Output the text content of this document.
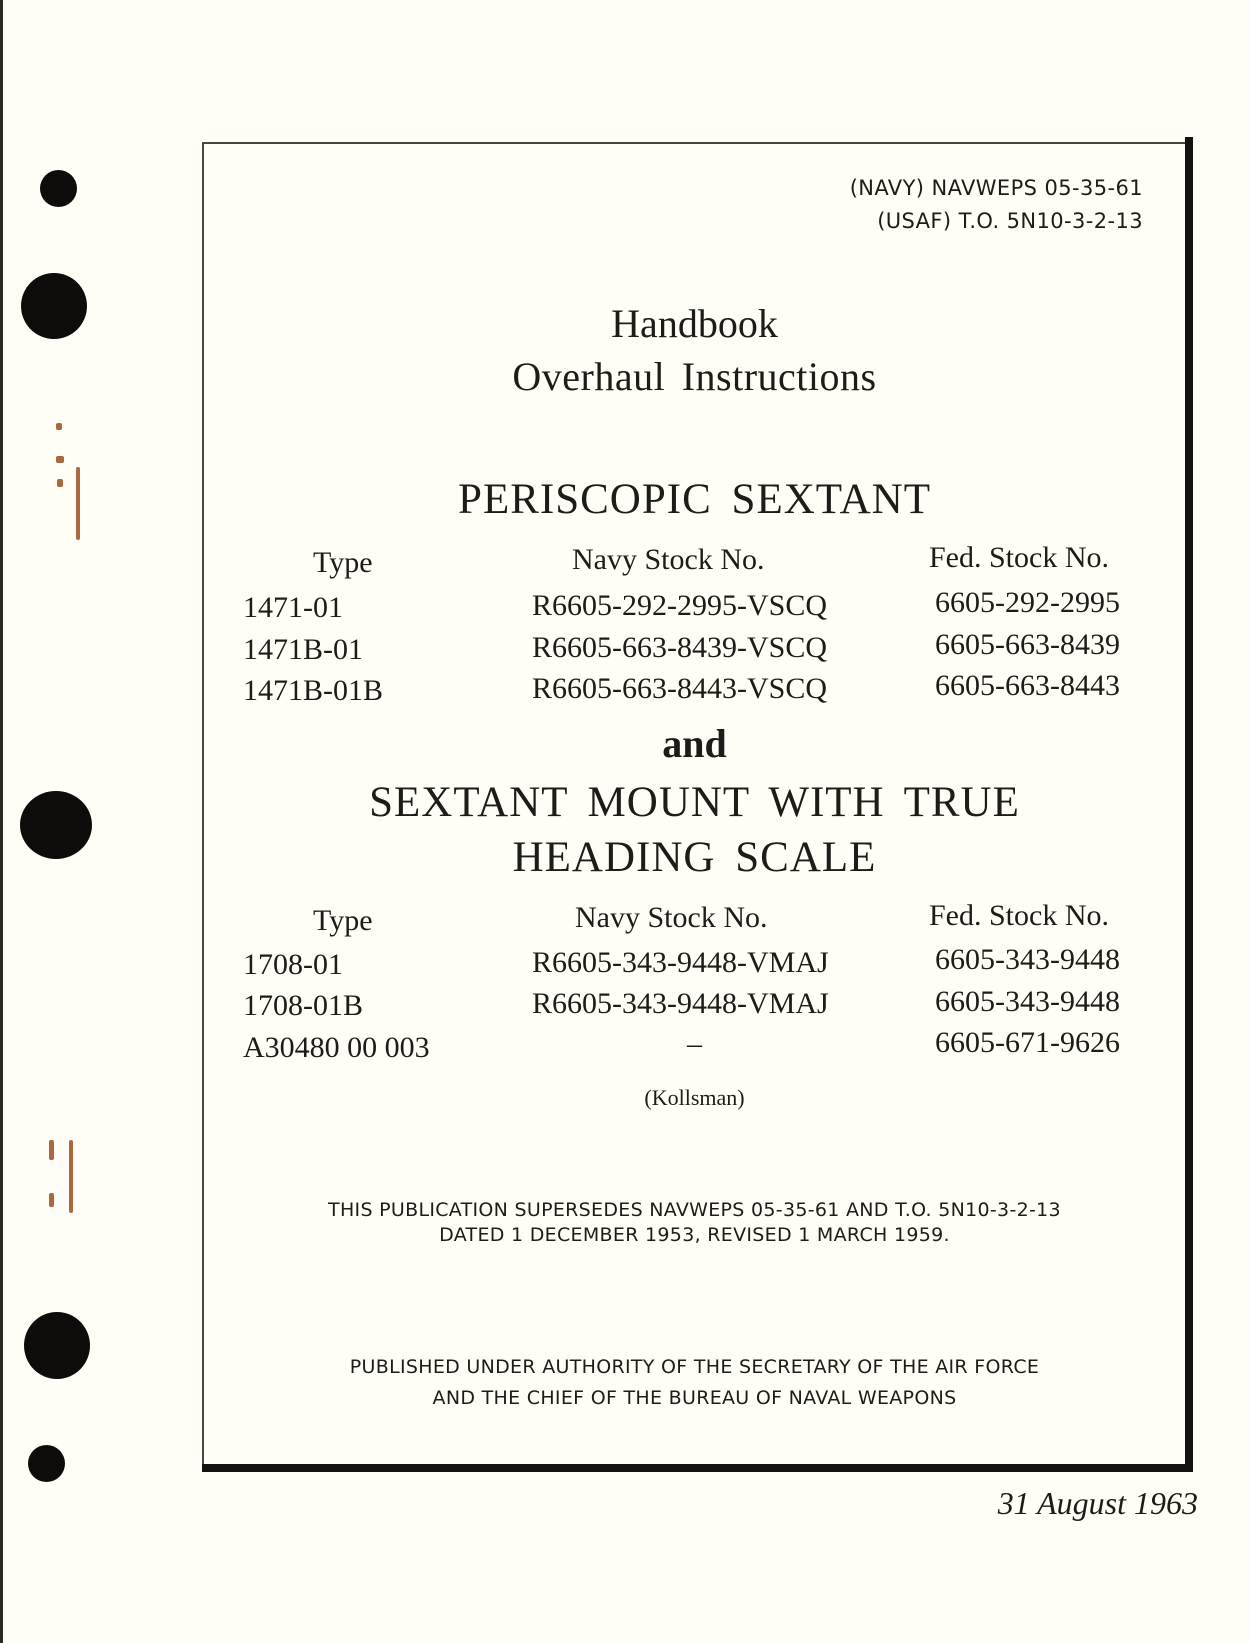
(NAVY) NAVWEPS 05-35-61
(USAF) T.O. 5N10-3-2-13
Handbook
Overhaul Instructions
PERISCOPIC SEXTANT
Type	Navy Stock No.	Fed. Stock No.
1471-01	R6605-292-2995-VSCQ	6605-292-2995
1471B-01	R6605-663-8439-VSCQ	6605-663-8439
1471B-01B	R6605-663-8443-VSCQ	6605-663-8443
and
SEXTANT MOUNT WITH TRUE
HEADING SCALE
Type	Navy Stock No.	Fed. Stock No.
1708-01	R6605-343-9448-VMAJ	6605-343-9448
1708-01B	R6605-343-9448-VMAJ	6605-343-9448
A30480 00 003	–	6605-671-9626
(Kollsman)
THIS PUBLICATION SUPERSEDES NAVWEPS 05-35-61 AND T.O. 5N10-3-2-13
DATED 1 DECEMBER 1953, REVISED 1 MARCH 1959.
PUBLISHED UNDER AUTHORITY OF THE SECRETARY OF THE AIR FORCE
AND THE CHIEF OF THE BUREAU OF NAVAL WEAPONS
31 August 1963
